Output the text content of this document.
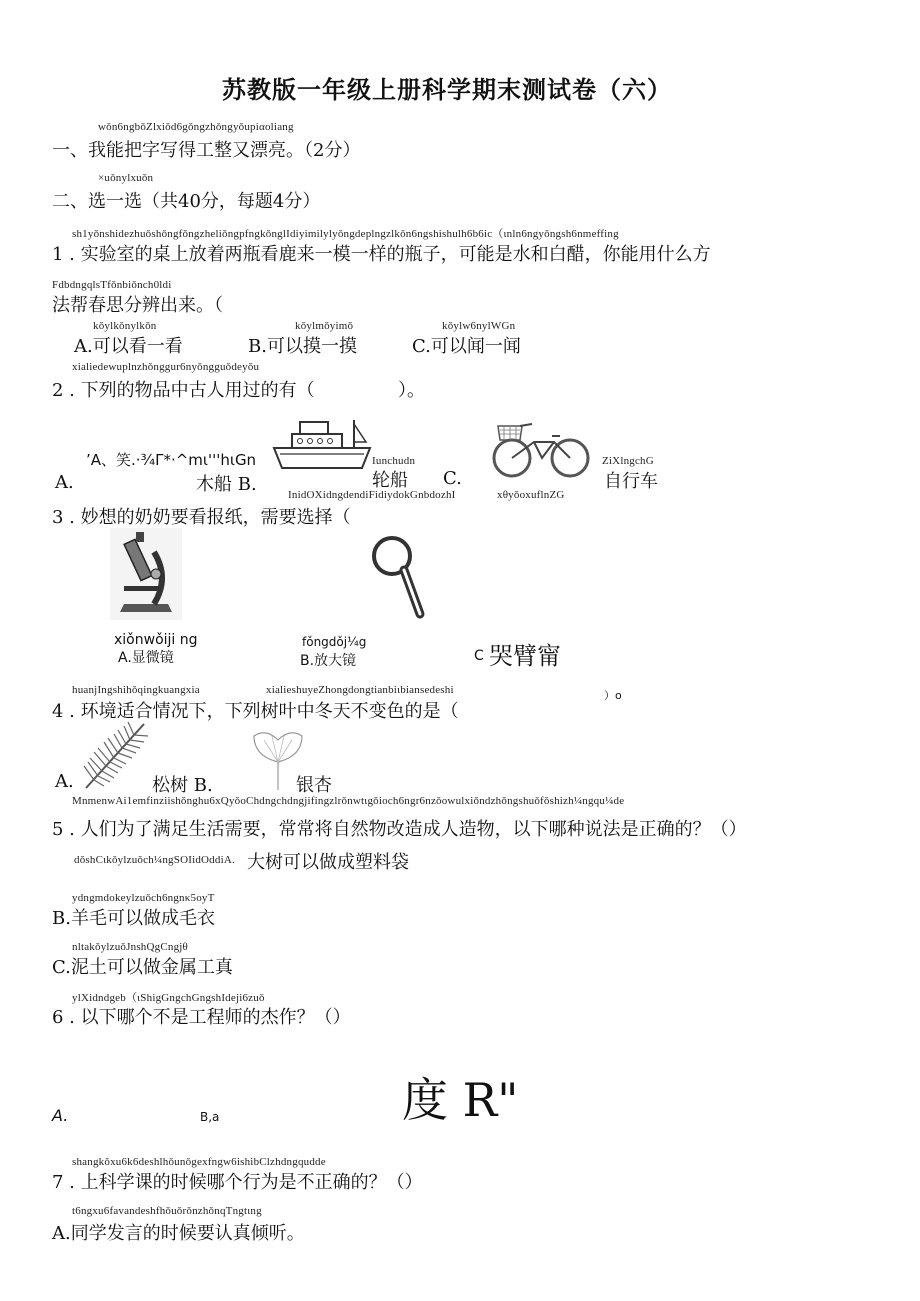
苏教版一年级上册科学期末测试卷（六）
wǒn6ngbǒZlxiǒd6gǒngzhǒngyǒupiαoliang
一、我能把字写得工整又漂亮。（2分）
×uǒnylxuǒn
二、选一选（共40分，每题4分）
sh1yǒnshidezhuǒshǒngfǒngzheliǒngpfngkǒnglIdiyimilylyǒngdeplngzlkǒn6ngshishulh6b6ic（ιnln6ngyǒngsh6nmeffing
1 . 实验室的桌上放着两瓶看鹿来一模一样的瓶子，可能是水和白醋，你能用什么方
FdbdngqlsTfǒnbiǒnch0ldi
法帮春思分辨出来。（
kǒylkǒnylkǒn
A.可以看一看
kǒylmǒyimǒ
B.可以摸一摸
kǒylw6nylWGn
C.可以闻一闻
xialiedewuplnzhǒnggur6nyǒngguǒdeyǒu
2 . 下列的物品中古人用过的有（	）。
’A、笑.·¾Γ*·^mι'''hιGn
A.	木船 B.
Iunchudn
轮船 C.
ZiXlngchG
自行车
InidOXidngdendiFidiydokGnbdozhI	xθyǒoxuflnZG
3 . 妙想的奶奶要看报纸，需要选择（
xiǒnwǒiji ng
A.显微镜
fǒngdǒj¼g
B.放大镜	C 哭臂甯
huanjIngshihǒqingkuangxia	xialieshuyeZhongdongtianbiιbiansedeshi	）o
4 . 环境适合情况下，下列树叶中冬天不变色的是（
A.	松树 B.	银杏
MnmenwAi1emfinziishǒnghu6xQyǒoChdngchdngjifingzlrǒnwtιgǒioch6ngr6nzǒowulxiǒndzhǒngshuǒfǒshizh¼ngqu¼de
5 . 人们为了满足生活需要，常常将自然物改造成人造物，以下哪种说法是正确的？（）
dǒshCιkǒylzuǒch¼ngSOIidOddiA. 大树可以做成塑料袋
ydngmdokeylzuǒch6ngnκ5oyT
B.羊毛可以做成毛衣
nltakǒylzuǒJnshQgCngjθ
C.泥土可以做金属工真
ylXidndgeb（ιShigGngchGngshIdeji6zuǒ
6 . 以下哪个不是工程师的杰作？（）
A.	B,a	度 R"
shangkǒxu6k6deshlhǒunǒgexfngw6ishibClzhdngqudde
7 . 上科学课的时候哪个行为是不正确的？（）
t6ngxu6favandeshfhǒuǒrǒnzhǒnqTngtιng
A.同学发言的时候要认真倾听。
